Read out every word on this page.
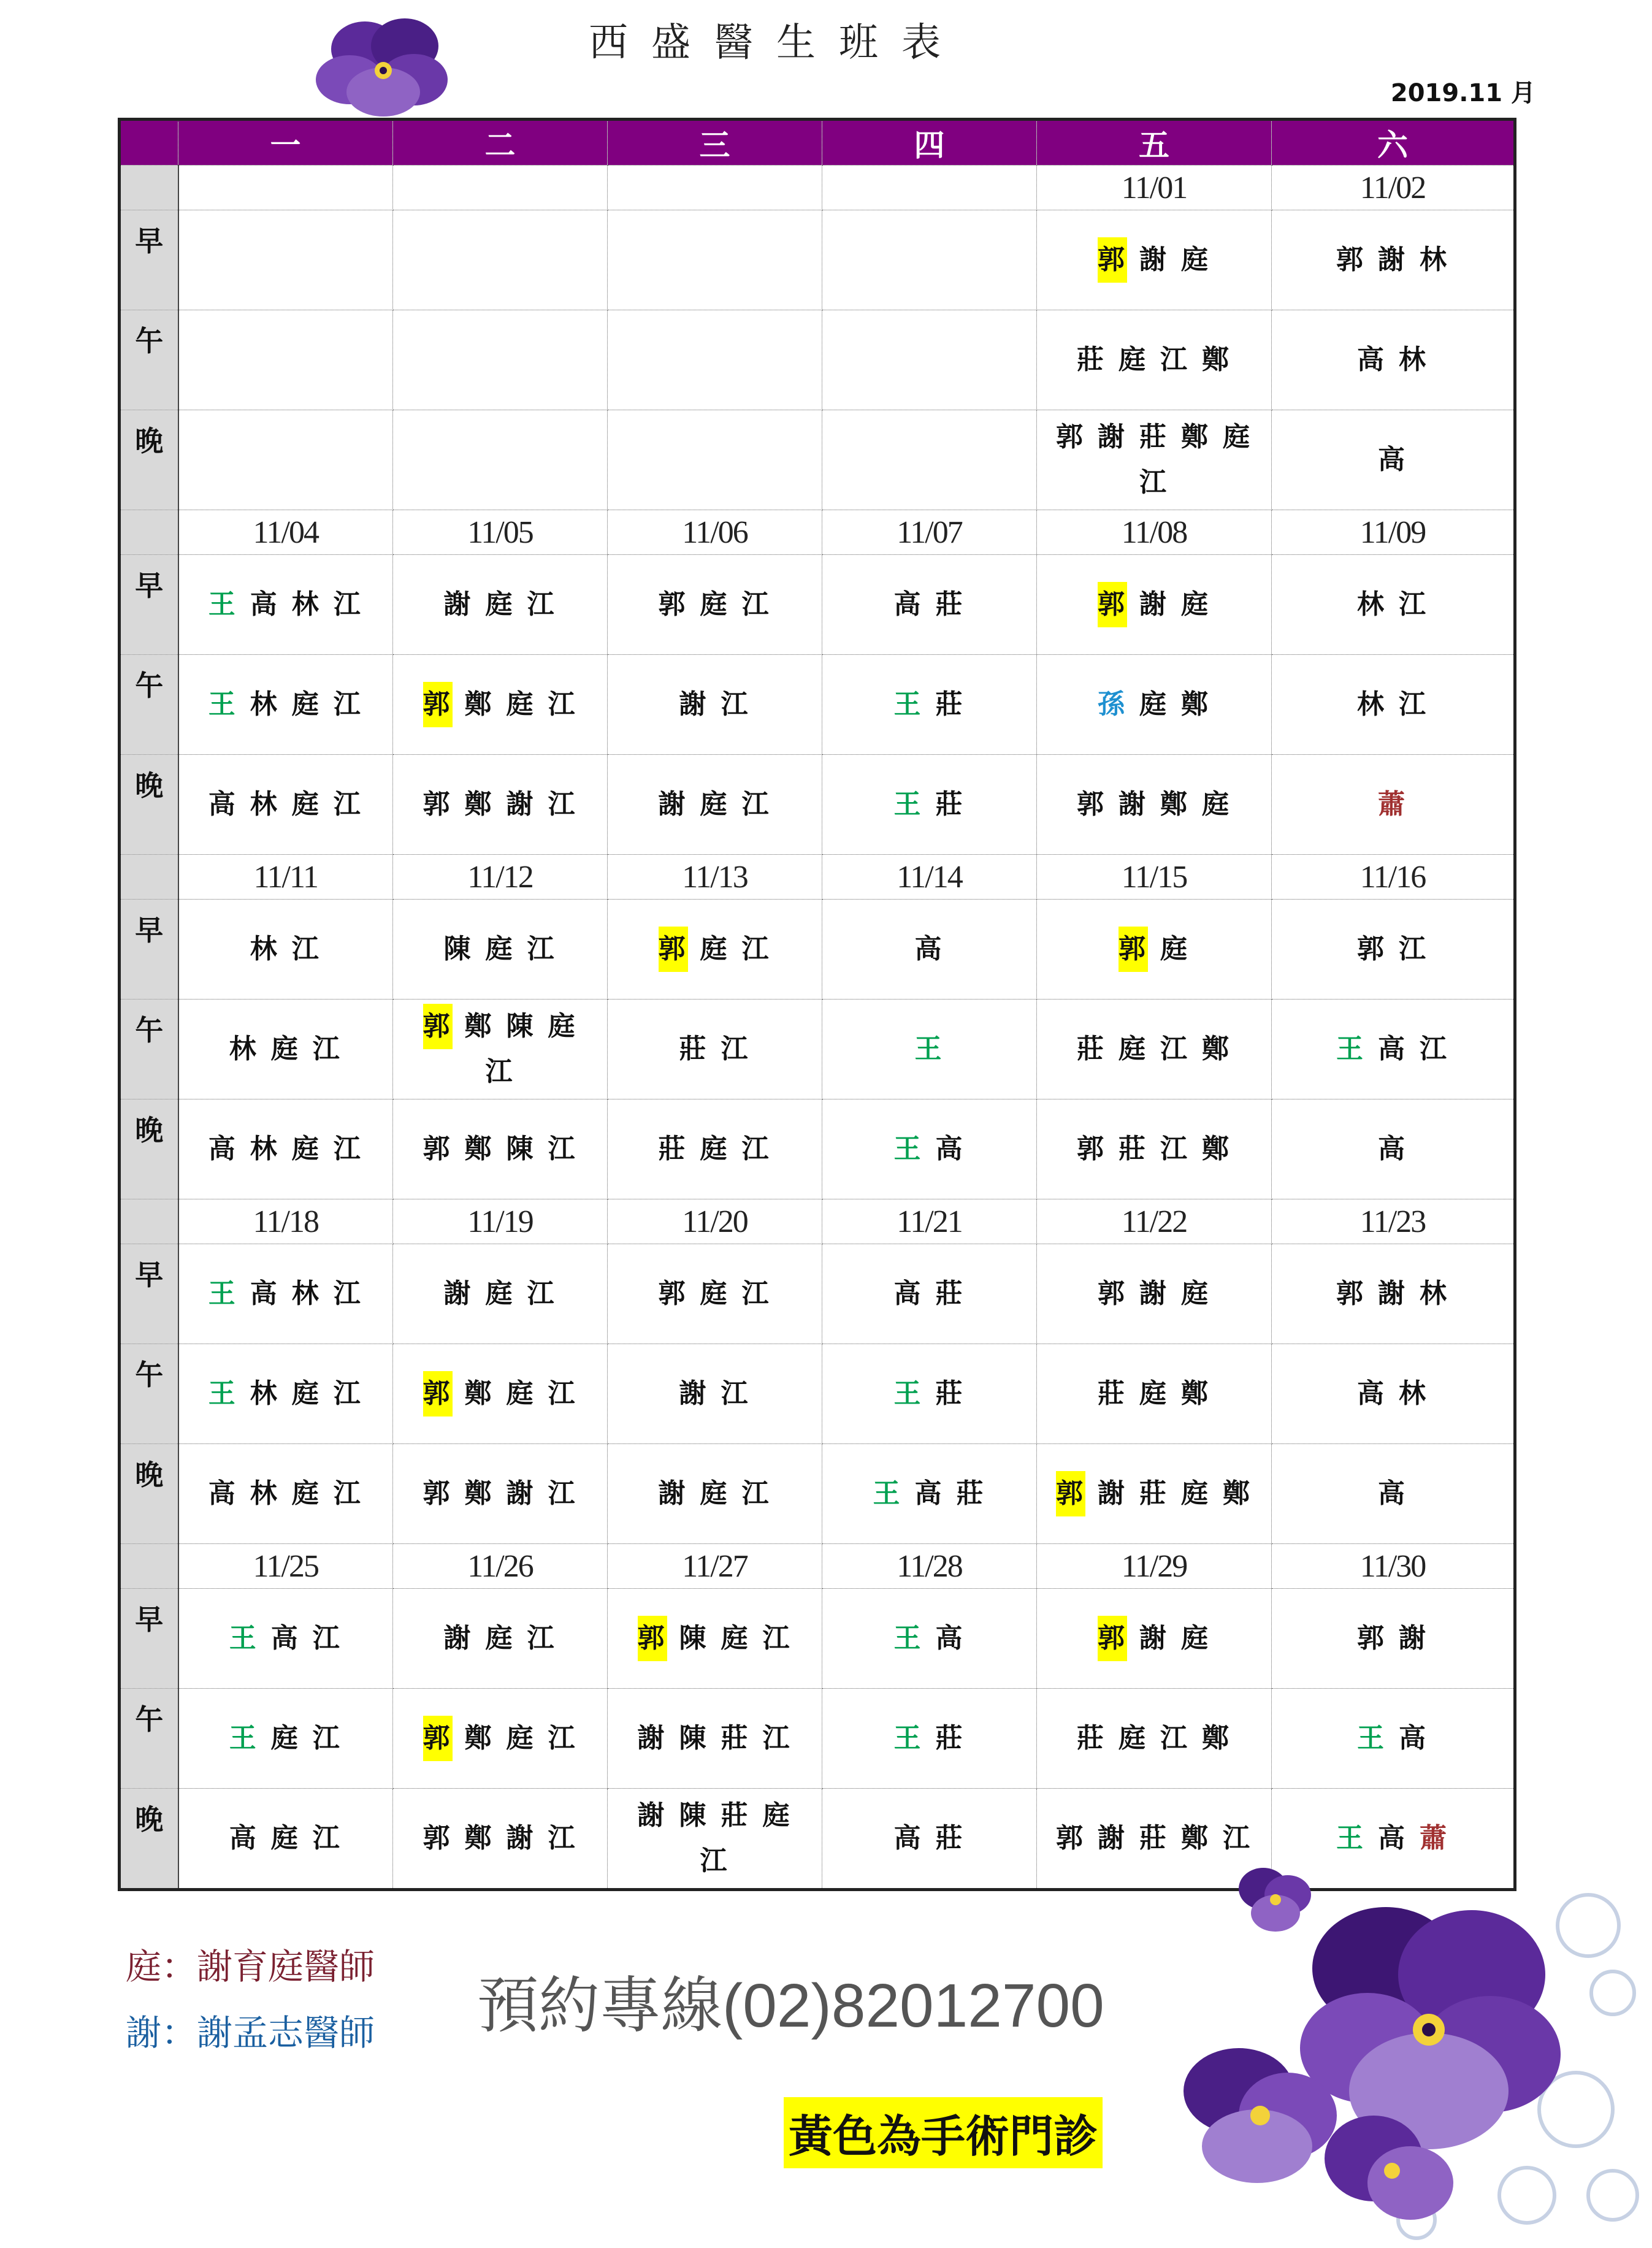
西盛醫生班表
2019.11 月
	一	二	三	四	五	六
					11/01	11/02
早					郭 謝 庭	郭 謝 林

午					莊 庭 江 鄭	高 林

晚					郭 謝 莊 鄭 庭江	高

	11/04	11/05	11/06	11/07	11/08	11/09
早	王 高 林 江	謝 庭 江	郭 庭 江	高 莊	郭 謝 庭	林 江

午	王 林 庭 江	郭 鄭 庭 江	謝 江	王 莊	孫 庭 鄭	林 江

晚	高 林 庭 江	郭 鄭 謝 江	謝 庭 江	王 莊	郭 謝 鄭 庭	蕭

	11/11	11/12	11/13	11/14	11/15	11/16
早	林 江	陳 庭 江	郭 庭 江	高	郭 庭	郭 江

午	林 庭 江	郭 鄭 陳 庭江	莊 江	王	莊 庭 江 鄭	王 高 江

晚	高 林 庭 江	郭 鄭 陳 江	莊 庭 江	王 高	郭 莊 江 鄭	高

	11/18	11/19	11/20	11/21	11/22	11/23
早	王 高 林 江	謝 庭 江	郭 庭 江	高 莊	郭 謝 庭	郭 謝 林

午	王 林 庭 江	郭 鄭 庭 江	謝 江	王 莊	莊 庭 鄭	高 林

晚	高 林 庭 江	郭 鄭 謝 江	謝 庭 江	王 高 莊	郭 謝 莊 庭 鄭	高

	11/25	11/26	11/27	11/28	11/29	11/30
早	王 高 江	謝 庭 江	郭 陳 庭 江	王 高	郭 謝 庭	郭 謝

午	王 庭 江	郭 鄭 庭 江	謝 陳 莊 江	王 莊	莊 庭 江 鄭	王 高

晚	高 庭 江	郭 鄭 謝 江	謝 陳 莊 庭江	高 莊	郭 謝 莊 鄭 江	王 高 蕭
庭：謝育庭醫師
謝：謝孟志醫師 預約專線(02)82012700
黃色為手術門診
